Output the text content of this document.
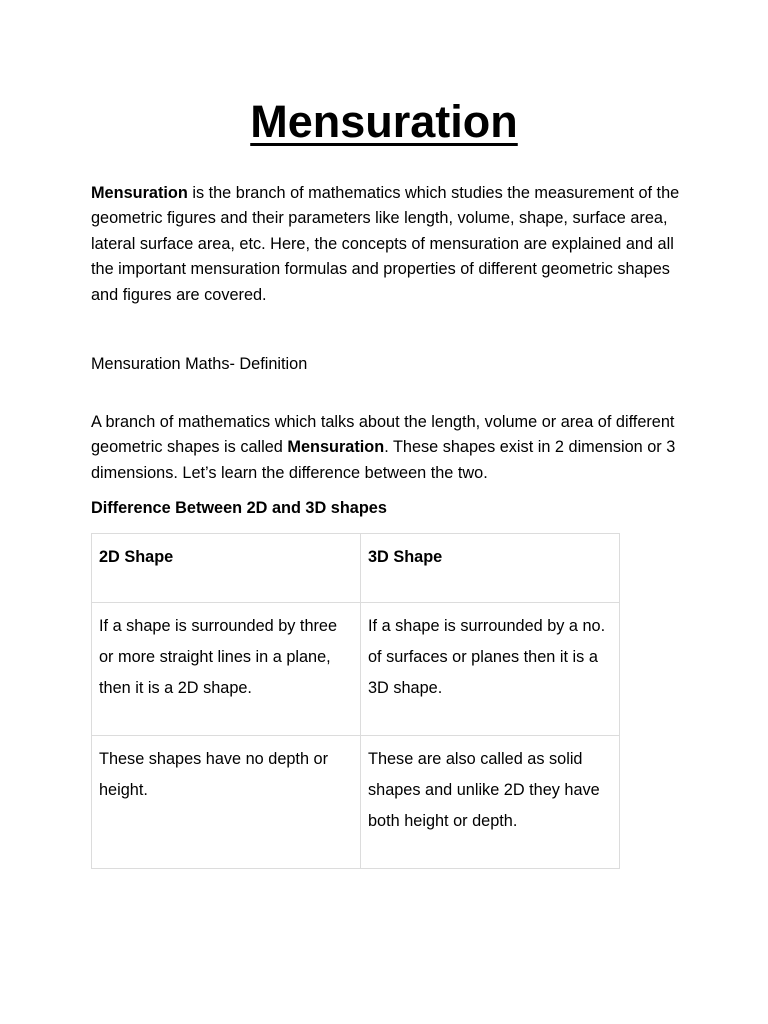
Mensuration

Mensuration is the branch of mathematics which studies the measurement of the geometric figures and their parameters like length, volume, shape, surface area, lateral surface area, etc. Here, the concepts of mensuration are explained and all the important mensuration formulas and properties of different geometric shapes and figures are covered.

Mensuration Maths- Definition

A branch of mathematics which talks about the length, volume or area of different geometric shapes is called Mensuration. These shapes exist in 2 dimension or 3 dimensions. Let’s learn the difference between the two.

Difference Between 2D and 3D shapes

2D Shape	3D Shape
If a shape is surrounded by three or more straight lines in a plane, then it is a 2D shape.	If a shape is surrounded by a no. of surfaces or planes then it is a 3D shape.
These shapes have no depth or height.	These are also called as solid shapes and unlike 2D they have both height or depth.
